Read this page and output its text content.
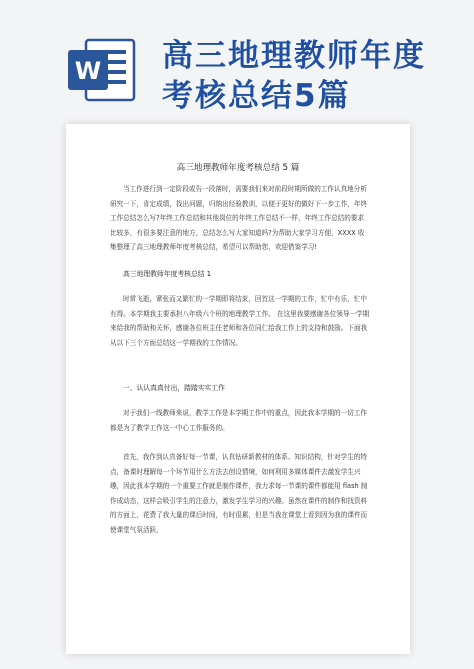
W 高三地理教师年度
考核总结5篇
高三地理教师年度考核总结 5 篇
当工作进行到一定阶段或告一段落时，需要我们来对前段时期所做的工作认真地分析研究一下，肯定成绩，找出问题，归纳出经验教训，以便于更好的做好下一步工作，年终工作总结怎么写?年终工作总结和其他岗位的年终工作总结不一样，年终工作总结的要求比较多，有很多要注意的地方，总结怎么写大家知道吗?为帮助大家学习方便，XXXX 收集整理了高三地理教师年度考核总结，希望可以帮助您，欢迎借鉴学习!
高三地理教师年度考核总结 1
时常飞逝，紧张而又繁忙的一学期即将结束，回首这一学期的工作，忙中有乐，忙中有得。本学期我主要承担八年级六个班的地理教学工作。 在这里我要感谢各位领导一学期来给我的帮助和关怀，感谢各位班主任老师和各位同仁给我工作上的支持和鼓励。下面我从以下三个方面总结这一学期我的工作情况。
一、认认真真付出，踏踏实实工作
对于我们一线教师来说，教学工作是本学期工作中的重点，因此我本学期的一切工作都是为了教学工作这一中心工作服务的。
首先，我作到认真备好每一节课，认真钻研新教材的体系、知识结构，针对学生的特点，备课时理解每一个环节用什么方法去创设情境，如何利用多媒体课件去激发学生兴趣，因此我本学期的一个重要工作就是制作课件，我力求每一节课的课件都能用 flash 制作成动态，这样会吸引学生的注意力，激发学生学习的兴趣。虽然在课件的制作和找资料的方面上，花费了我大量的课后时间，有时很累，但是当我在课堂上看到因为我的课件而使课堂气氛活跃，
